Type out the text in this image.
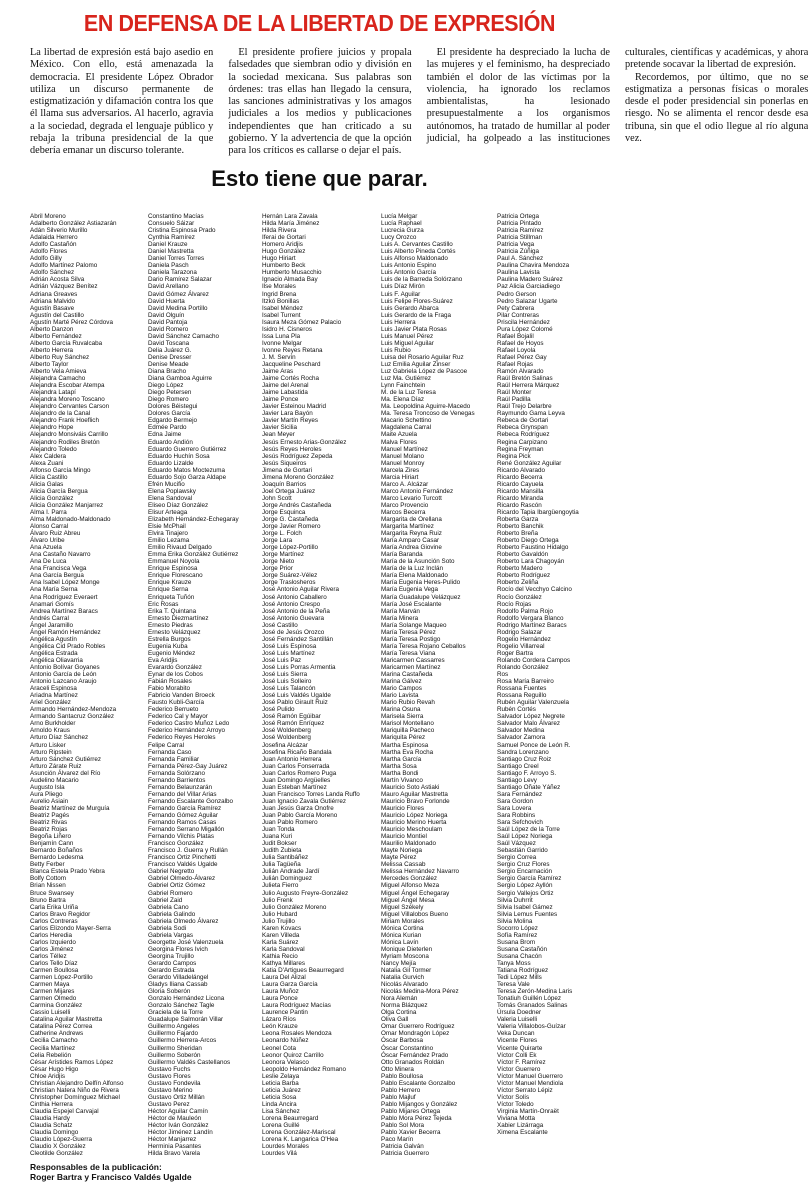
EN DEFENSA DE LA LIBERTAD DE EXPRESIÓN

La libertad de expresión está bajo asedio en México. Con ello, está amenazada la democracia. El presidente López Obrador utiliza un discurso permanente de estigmatización y difamación contra los que él llama sus adversarios. Al hacerlo, agravia a la sociedad, degrada el lenguaje público y rebaja la tribuna presidencial de la que debería emanar un discurso tolerante.

El presidente profiere juicios y propala falsedades que siembran odio y división en la sociedad mexicana. Sus palabras son órdenes: tras ellas han llegado la censura, las sanciones administrativas y los amagos judiciales a los medios y publicaciones independientes que han criticado a su gobierno. Y la advertencia de que la opción para los críticos es callarse o dejar el país.

El presidente ha despreciado la lucha de las mujeres y el feminismo, ha despreciado también el dolor de las víctimas por la violencia, ha ignorado los reclamos ambientalistas, ha lesionado presupuestalmente a los organismos autónomos, ha tratado de humillar al poder judicial, ha golpeado a las instituciones culturales, científicas y académicas, y ahora pretende socavar la libertad de expresión.

Recordemos, por último, que no se estigmatiza a personas físicas o morales desde el poder presidencial sin ponerlas en riesgo. No se alimenta el rencor desde esa tribuna, sin que el odio llegue al río alguna vez.

Esto tiene que parar.
Abril Moreno
Adalberto González Astiazarán
Adán Silverio Murillo
Adalaida Herrero
Adolfo Castañón
Adolfo Flores
Adolfo Gilly
Adolfo Martínez Palomo
Adolfo Sánchez
Adrián Acosta Silva
Adrián Vázquez Benítez
Adriana Greaves
Adriana Malvido
Agustín Basave
Agustín del Castillo
Agustín Marté Pérez Córdova
Alberto Danzon
Alberto Fernández
Alberto García Ruvalcaba
Alberto Herrera
Alberto Ruy Sánchez
Alberto Taylor
Alberto Vela Amieva
Alejandra Camacho
Alejandra Escobar Atempa
Alejandra Latapí
Alejandra Moreno Toscano
Alejandro Cervantes Carson
Alejandro de la Canal
Alejandro Frank Hoeflich
Alejandro Hope
Alejandro Monsiváis Carrillo
Alejandro Rodiles Bretón
Alejandro Toledo
Alex Caldera
Alexa Zuani
Alfonso García Mingo
Alicia Castillo
Alicia Galas
Alicia García Bergua
Alicia González
Alicia González Manjarrez
Alma I. Parra
Alma Maldonado-Maldonado
Alonso Carral
Álvaro Ruiz Abreu
Álvaro Uribe
Ana Azuela
Ana Castaño Navarro
Ana De Luca
Ana Francisca Vega
Ana García Bergua
Ana Isabel López Monge
Ana María Serna
Ana Rodríguez Everaert
Anamari Gomís
Andrea Martínez Baracs
Andrés Carral
Ángel Jaramillo
Ángel Ramón Hernández
Angélica Agustín
Angélica Cid Prado Robles
Angélica Estrada
Angélica Oliavarria
Antonio Bolívar Goyanes
Antonio García de León
Antonio Lazcano Araujo
Araceli Espinosa
Ariadna Martínez
Ariel González
Armando Hernández-Mendoza
Armando Santacruz González
Arno Burkholder
Arnoldo Kraus
Arturo Díaz Sánchez
Arturo Lisker
Arturo Ripstein
Arturo Sánchez Gutiérrez
Arturo Zárate Ruiz
Asunción Álvarez del Río
Audelino Macario
Augusto Isla
Aura Pliego
Aurelio Asiain
Beatriz Martínez de Murguía
Beatriz Pagés
Beatriz Rivas
Beatriz Rojas
Begoña Liñero
Benjamín Cann
Bernardo Boñaños
Bernardo Ledesma
Betty Ferber
Blanca Estela Prado Yebra
Bolfy Cottom
Brian Nissen
Bruce Swansey
Bruno Bartra
Carla Erika Uriña
Carlos Bravo Regidor
Carlos Contreras
Carlos Elizondo Mayer-Serra
Carlos Heredia
Carlos Izquierdo
Carlos Jiménez
Carlos Téllez
Carlos Tello Díaz
Carmen Boullosa
Carmen López-Portillo
Carmen Maya
Carmen Mijares
Carmen Olmedo
Carmina González
Cassio Luiselli
Catalina Aguilar Mastretta
Catalina Pérez Correa
Catherine Andrews
Cecilia Camacho
Cecilia Martínez
Celia Rebelión
César Arístides Ramos López
César Hugo Higo
Chloe Aridjis
Christian Alejandro Delfín Alfonso
Christian Natera Niño de Rivera
Christopher Domínguez Michael
Cinthia Herrera
Claudia Espejel Carvajal
Claudia Hardy
Claudia Schatz
Claudia Domingo
Claudio López-Guerra
Claudio X González
Cleotilde González
Constantino Macías
Consuelo Sáizar
Cristina Espinosa Prado
Cynthia Ramírez
Daniel Krauze
Daniel Mastretta
Daniel Torres Torres
Daniela Pasch
Daniela Tarazona
Dario Ramírez Salazar
David Arellano
David Gómez Álvarez
David Huerta
David Medina Portillo
David Olguín
David Pantoja
David Romero
David Sánchez Camacho
David Toscana
Delia Juárez G.
Denise Dresser
Denise Meade
Diana Bracho
Diana Gamboa Aguirre
Diego López
Diego Petersen
Diego Romero
Dolores Béistegui
Dolores García
Edgardo Bermejo
Edmée Pardo
Edna Jaime
Eduardo Andión
Eduardo Guerrero Gutiérrez
Eduardo Huchín Sosa
Eduardo Lizalde
Eduardo Matos Moctezuma
Eduardo Sojo Garza Aldape
Efrén Mucifio
Elena Poplawsky
Elena Sandoval
Eliseo Díaz González
Elisur Arteaga
Elizabeth Hernández-Echegaray
Elsie McPhail
Elvira Tinajero
Emilio Lezama
Emilio Rivaud Delgado
Emma Erika González Gutiérrez
Emmanuel Noyola
Enrique Espinosa
Enrique Florescano
Enrique Krauze
Enrique Serna
Enriqueta Tuñón
Eric Rosas
Erika T. Quintana
Ernesto Diezmartínez
Ernesto Piedras
Ernesto Velázquez
Estrella Burgos
Eugenia Kuba
Eugenio Méndez
Eva Aridjis
Evarardo González
Eynar de los Cobos
Fabián Rosales
Fabio Morabito
Fabricio Vanden Broeck
Fausto Kubli-García
Federico Berrueto
Federico Cal y Mayor
Federico Castro Muñoz Ledo
Federico Hernández Arroyo
Federico Reyes Heroles
Felipe Carral
Fernanda Caso
Fernanda Familiar
Fernanda Pérez-Gay Juárez
Fernanda Solórzano
Fernando Barrientos
Fernando Belaunzarán
Fernando del Villar Arias
Fernando Escalante Gonzalbo
Fernando García Ramírez
Fernando Gómez Aguilar
Fernando Ramos Casas
Fernando Serrano Migallón
Fernando Vilchis Platas
Francisco González
Francisco J. Guerra y Rullán
Francisco Ortiz Pinchetti
Francisco Valdés Ugalde
Gabriel Negretto
Gabriel Olmedo-Álvarez
Gabriel Ortiz Gómez
Gabriel Romero
Gabriel Zaid
Gabriela Cano
Gabriela Galindo
Gabriela Olmedo Álvarez
Gabriela Sodi
Gabriela Vargas
Georgette José Valenzuela
Georgina Flores Ivich
Georgina Trujillo
Gerardo Campos
Gerardo Estrada
Gerardo Villadelángel
Gladys Iliana Cassab
Gloria Soberón
Gonzalo Hernández Licona
Gonzalo Sánchez Tagle
Graciela de la Torre
Guadalupe Salmorán Villar
Guillermo Angeles
Guillermo Fajardo
Guillermo Herrera-Arcos
Guillermo Sheridan
Guillermo Soberón
Guillermo Valdés Castellanos
Gustavo Fuchs
Gustavo Flores
Gustavo Fondevila
Gustavo Merino
Gustavo Ortiz Millán
Gustavo Perez
Héctor Aguilar Camín
Héctor de Mauleón
Héctor Iván González
Héctor Jiménez Landín
Héctor Manjarrez
Herminia Pasantes
Hilda Bravo Varela
Hernán Lara Zavala
Hilda María Jiménez
Hilda Rivera
Iferai de Gortari
Homero Aridjis
Hugo González
Hugo Hiriart
Humberto Beck
Humberto Musacchio
Ignacio Almada Bay
Ilse Morales
Ingrid Brena
Itzkó Bonillas
Isabel Méndez
Isabel Turrent
Isaura Meza Gómez Palacio
Isidro H. Cisneros
Issa Luna Pla
Ivonne Melgar
Ivonne Reyes Retana
J. M. Servín
Jacqueline Peschard
Jaime Aras
Jaime Cortés Rocha
Jaime del Arenal
Jaime Labastida
Jaime Ponce
Javier Esteinou Madrid
Javier Lara Bayón
Javier Martín Reyes
Javier Sicilia
Jean Meyer
Jesús Ernesto Arias-González
Jesús Reyes Heroles
Jesús Rodríguez Zepeda
Jesús Siqueiros
Jimena de Gortari
Jimena Moreno González
Joaquín Barrios
Joel Ortega Juárez
John Scott
Jorge Andrés Castañeda
Jorge Esquinca
Jorge G. Castañeda
Jorge Javier Romero
Jorge L. Folch
Jorge Lara
Jorge López-Portillo
Jorge Martínez
Jorge Nieto
Jorge Prior
Jorge Suárez-Vélez
Jorge Traslosheros
José Antonio Aguilar Rivera
José Antonio Caballero
José Antonio Crespo
José Antonio de la Peña
José Antonio Guevara
José Castillo
José de Jesús Orozco
José Fernández Santillán
José Luis Espinosa
José Luis Martínez
José Luis Paz
José Luis Porras Armentia
José Luis Sierra
José Luis Solleiro
José Luis Talancón
José Luis Valdés Ugalde
José Pablo Girault Ruiz
José Pulido
José Ramón Egúibar
José Ramón Enríquez
José Woldenberg
José Woldenberg
Josefina Alcázar
Josefina Ricaño Bandala
Juan Antonio Herrera
Juan Carlos Fonserrada
Juan Carlos Romero Puga
Juan Domingo Argüelles
Juan Esteban Martínez
Juan Francisco Torres Landa Ruffo
Juan Ignacio Zavala Gutiérrez
Juan Jesús Garza Onofre
Juan Pablo García Moreno
Juan Pablo Romero
Juan Tonda
Juana Kuri
Judit Bokser
Judith Zubieta
Julia Santibáñez
Julia Tagüeña
Julián Andrade Jardí
Julián Dominguez
Julieta Fierro
Julio Augusto Freyre-González
Julio Frenk
Julio González Moreno
Julio Hubard
Julio Trujillo
Karen Kovacs
Karen Villeda
Karla Suárez
Karla Sandoval
Kathia Recio
Kathya Millares
Katia D'Artigues Beaurregard
Laura Del Alizal
Laura Garza García
Laura Muñoz
Laura Ponce
Laura Rodríguez Macías
Laurence Pantin
Lázaro Ríos
León Krauze
Leona Rosales Mendoza
Leonardo Núñez
Leonel Cota
Leonor Quiroz Carrillo
Leonora Velasco
Leopoldo Hernández Romano
Leslie Zelaya
Leticia Barba
Leticia Juárez
Leticia Sosa
Linda Ancira
Lisa Sánchez
Lorena Beaurregard
Lorena Guillé
Lorena González-Mariscal
Lorena K. Langarica O'Hea
Lourdes Morales
Lourdes Vilá
Lucía Melgar
Lucía Raphael
Lucrecia Gurza
Lucy Orozco
Luis A. Cervantes Castillo
Luis Alberto Pineda Cortés
Luis Alfonso Maldonado
Luis Antonio Espino
Luis Antonio García
Luis de la Barreda Solórzano
Luis Díaz Mirón
Luis F. Aguilar
Luis Felipe Flores-Suárez
Luis Gerardo Abarca
Luis Gerardo de la Fraga
Luis Herrera
Luis Javier Plata Rosas
Luis Manuel Pérez
Luis Miguel Aguilar
Luis Rubio
Luisa del Rosario Aguilar Ruz
Luz Emilia Aguilar Zinser
Luz Gabriela López de Pascoe
Luz Ma. Gutiérrez
Lynn Fainchtein
M. de la Luz Teresa
Ma. Elena Díaz
Ma. Leopoldina Aguirre-Macedo
Ma. Teresa Troncoso de Venegas
Macario Schettino
Magdalena Carral
Maite Azuela
Malva Flores
Manuel Martínez
Manuel Molano
Manuel Monroy
Marcela Zires
Marcia Hiriart
Marco A. Alcázar
Marco Antonio Fernández
Marco Levario Turcott
Marco Provencio
Marcos Becerra
Margarita de Orellana
Margarita Martínez
Margarita Reyna Ruiz
María Amparo Casar
María Andrea Giovine
María Baranda
María de la Asunción Soto
María de la Luz Inclán
María Elena Maldonado
María Eugenia Heres-Pulido
María Eugenia Vega
María Guadalupe Velázquez
María José Escalante
María Marván
María Minera
María Solange Maqueo
María Teresa Pérez
María Teresa Postigo
María Teresa Rojano Ceballos
María Teresa Viana
Maricarmen Cassarres
Maricarmen Martínez
Marina Castañeda
Marina Gálvez
Mario Campos
Mario Lavista
Mario Rubio Revah
Marina Osuna
Marisela Sierra
Marisol Montellano
Mariquilla Pacheco
Mariquita Pérez
Martha Espinosa
Martha Eva Rocha
Martha García
Martha Sosa
Martha Bondi
Martín Vivanco
Mauricio Soto Astiaki
Mauro Aguilar Mastretta
Mauricio Bravo Forlonde
Mauricio Flores
Mauricio López Noriega
Mauricio Merino Huerta
Mauricio Meschoulam
Mauricio Montiel
Maurilio Maldonado
Mayte Noriega
Mayte Pérez
Melissa Cassab
Melissa Hernández Navarro
Mercedes González
Miguel Alfonso Meza
Miguel Ángel Echegaray
Miguel Ángel Mesa
Miguel Székely
Miguel Villalobos Bueno
Miriam Morales
Mónica Cortina
Mónica Kurian
Mónica Lavín
Monique Dieterlen
Myriam Moscona
Nancy Mejía
Natalia Gil Tormer
Natalia Gurvich
Nicolás Alvarado
Nicolás Medina-Mora Pérez
Nora Alemán
Norma Blázquez
Olga Cortina
Oliva Gall
Omar Guerrero Rodríguez
Omar Mondragón López
Óscar Barbosa
Óscar Constantino
Óscar Fernández Prado
Otto Granados Roldán
Otto Minera
Pablo Boullosa
Pablo Escalante Gonzalbo
Pablo Herrero
Pablo Majluf
Pablo Mijangos y González
Pablo Mijares Ortega
Pablo Mora Pérez Tejeda
Pablo Sol Mora
Pablo Xavier Becerra
Paco Marín
Patricia Galván
Patricia Guerrero
Patricia Ortega
Patricia Pintado
Patricia Ramírez
Patricia Stillman
Patricia Vega
Patricia Zúñiga
Paul A. Sánchez
Paulina Chavira Mendoza
Paulina Lavista
Paulina Madero Suárez
Paz Alicia Garciadiego
Pedro Gerson
Pedro Salazar Ugarte
Pety Cabrera
Pilar Contreras
Priscila Hernández
Pura López Colomé
Rafael Bojalil
Rafael de Hoyos
Rafael Loyola
Rafael Pérez Gay
Rafael Rojas
Ramón Alvarado
Raúl Bretón Salinas
Raúl Herrera Márquez
Raúl Monter
Raúl Padilla
Raúl Trejo Delarbre
Raymundo Gama Leyva
Rebeca de Gortari
Rebeca Grynspan
Rebeca Rodríguez
Regina Carpizano
Regina Freyman
Regina Pick
René González Aguilar
Ricardo Alvarado
Ricardo Becerra
Ricardo Cayuela
Ricardo Mansilla
Ricardo Miranda
Ricardo Rascón
Ricardo Tapia Ibargüengoytia
Roberta Garza
Roberto Banchik
Roberto Breña
Roberto Diego Ortega
Roberto Faustino Hidalgo
Roberto Gavaldón
Roberto Lara Chagoyán
Roberto Madero
Roberto Rodríguez
Roberto Zeliña
Rocío del Vecchyo Calcino
Rocío González
Rocío Rojas
Rodolfo Palma Rojo
Rodolfo Vergara Blanco
Rodrigo Martínez Baracs
Rodrigo Salazar
Rogelio Hernández
Rogelio Villarreal
Roger Bartra
Rolando Cordera Campos
Rolando González
Ros
Rosa María Barreiro
Rossana Fuentes
Rossana Reguillo
Rubén Aguilar Valenzuela
Rubén Cortés
Salvador López Negrete
Salvador Malo Álvarez
Salvador Medina
Salvador Zamora
Samuel Ponce de León R.
Sandra Lorenzano
Santiago Cruz Roiz
Santiago Creel
Santiago F. Arroyo S.
Santiago Levy
Santiago Oñate Yáñez
Sara Fernández
Sara Gordon
Sara Lovera
Sara Robbins
Sara Sefchovich
Saúl López de la Torre
Saúl López Noriega
Saúl Vázquez
Sebastián Garrido
Sergio Correa
Sergio Cruz Flores
Sergio Encarnación
Sergio García Ramírez
Sergio López Ayllón
Sergio Vallejos Ortiz
Silvia Duhrrit
Silvia Isabel Gámez
Silvia Lemus Fuentes
Silvia Molina
Socorro López
Sofía Ramírez
Susana Brom
Susana Castañón
Susana Chacón
Tanya Moss
Tatiana Rodríguez
Tedi López Mills
Teresa Vale
Teresa Zerón-Medina Laris
Tonatiuh Guillén López
Tomás Granados Salinas
Úrsula Doedner
Valeria Luiselli
Valeria Villalobos-Guízar
Veka Duncan
Vicente Flores
Vicente Quirarte
Víctor Colli Ek
Víctor F. Ramírez
Víctor Guerrero
Víctor Manuel Guerrero
Víctor Manuel Mendiola
Víctor Serrato Lépiz
Víctor Solís
Víctor Toledo
Virginia Martín-Onraët
Viviana Motta
Xabier Lizárraga
Ximena Escalante
Responsables de la publicación:
Roger Bartra y Francisco Valdés Ugalde
